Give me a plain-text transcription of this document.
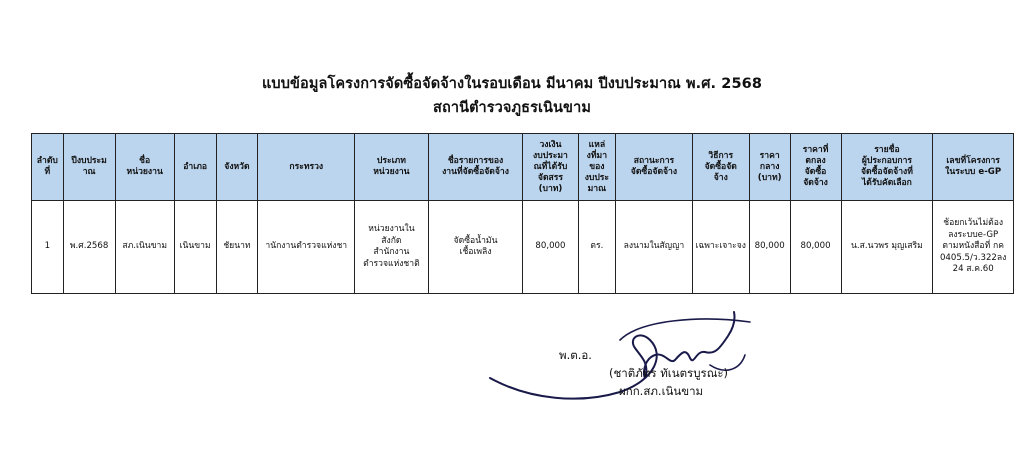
แบบข้อมูลโครงการจัดซื้อจัดจ้างในรอบเดือน มีนาคม ปีงบประมาณ พ.ศ. 2568
สถานีตำรวจภูธรเนินขาม
ลำดับ
ที่	ปีงบประม
าณ	ชื่อ
หน่วยงาน	อำเภอ	จังหวัด	กระทรวง	ประเภท
หน่วยงาน	ชื่อรายการของ
งานที่จัดซื้อจัดจ้าง	วงเงิน
งบประมา
ณที่ได้รับ
จัดสรร
(บาท)	แหล่
งที่มา
ของ
งบประ
มาณ	สถานะการ
จัดซื้อจัดจ้าง	วิธีการ
จัดซื้อจัด
จ้าง	ราคา
กลาง
(บาท)	ราคาที่
ตกลง
จัดซื้อ
จัดจ้าง	รายชื่อ
ผู้ประกอบการ
จัดซื้อจัดจ้างที่
ได้รับคัดเลือก	เลขที่โครงการ
ในระบบ e-GP
1	พ.ศ.2568	สภ.เนินขาม	เนินขาม	ชัยนาท	านักงานตำรวจแห่งชา	หน่วยงานใน
สังกัด
สำนักงาน
ตำรวจแห่งชาติ	จัดซื้อน้ำมัน
เชื้อเพลิง	80,000	ตร.	ลงนามในสัญญา	เฉพาะเจาะจง	80,000	80,000	น.ส.นวพร มุญเสริม	ช้อยกเว้นไม่ต้อง
ลงระบบe-GP
ตามหนังสือที่ กค
0405.5/ว.322ลง
24 ส.ค.60
พ.ต.อ.
(ชาติภัทร ทัเนตรบูรณะ)
ผกก.สภ.เนินขาม
